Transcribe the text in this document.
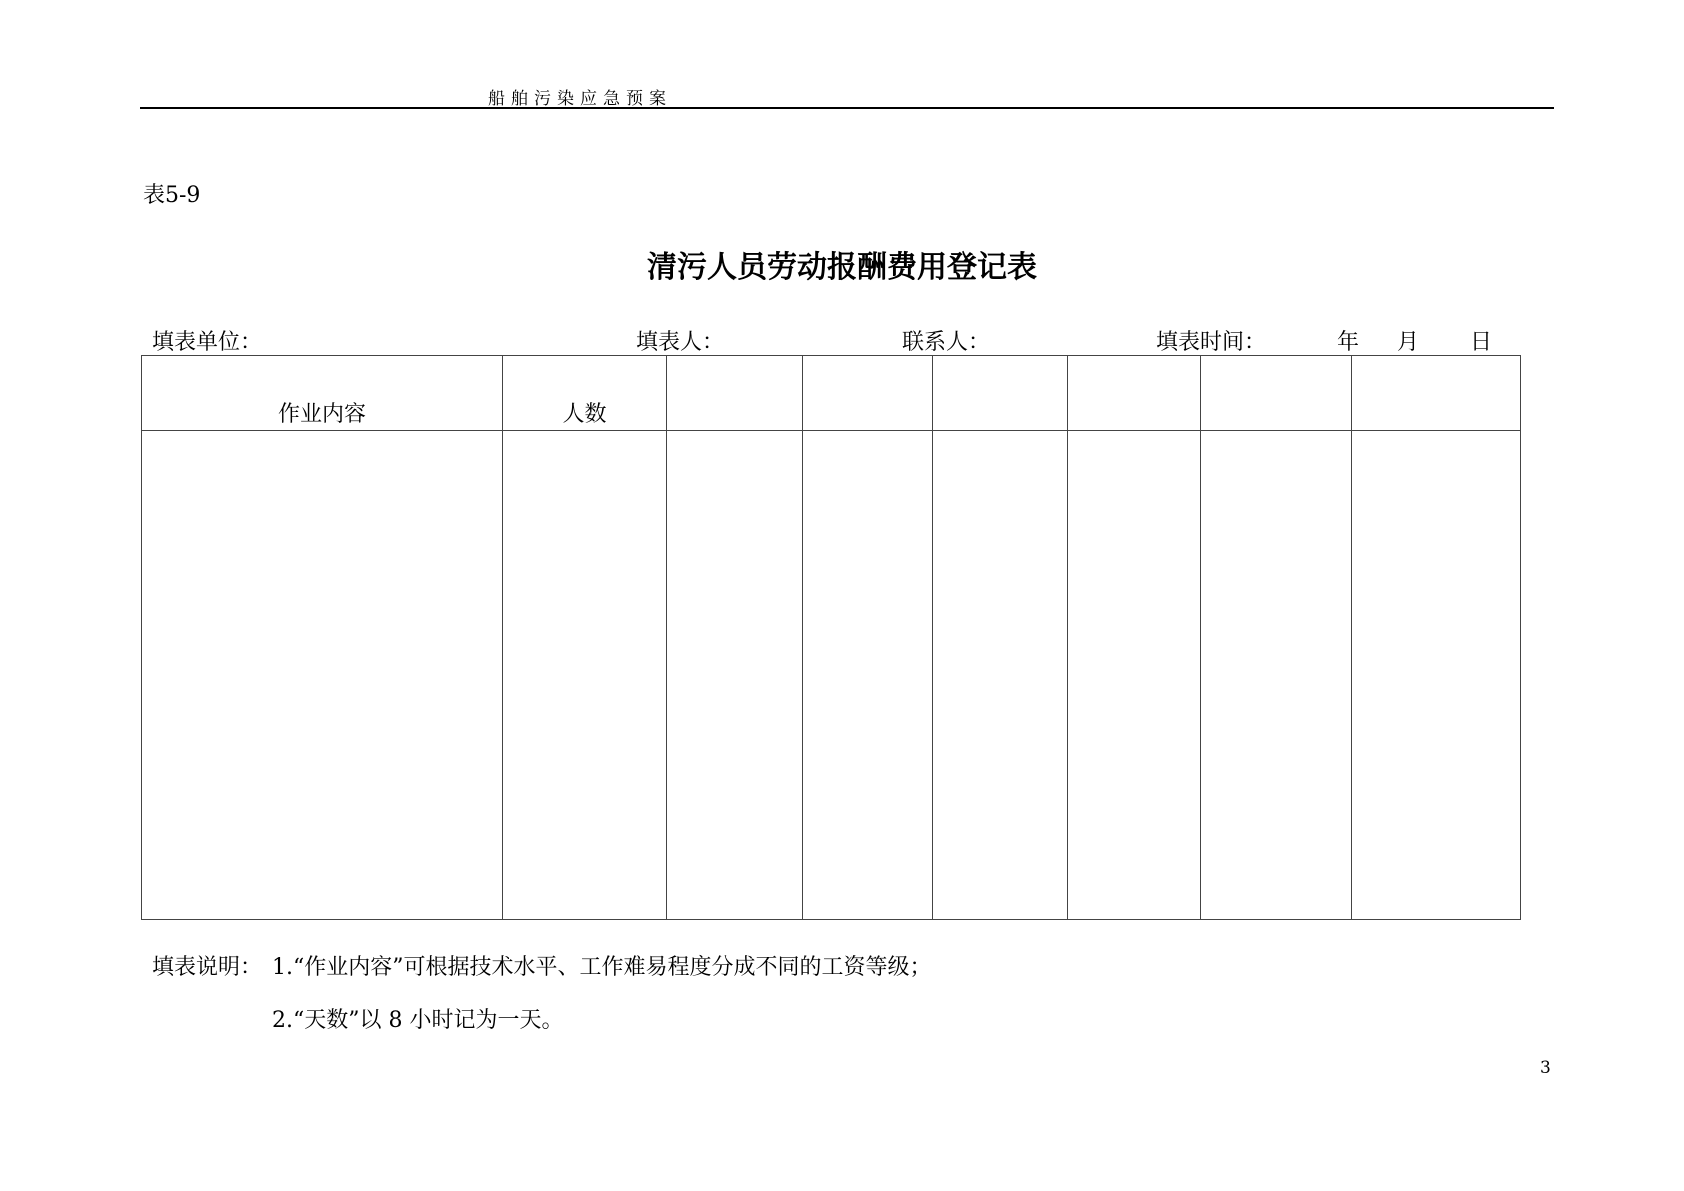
船舶污染应急预案
表5-9
清污人员劳动报酬费用登记表
填表单位：	填表人：	联系人：	填表时间：	年 月 日
作业内容	人数						

填表说明： 1.“作业内容”可根据技术水平、工作难易程度分成不同的工资等级；
2.“天数”以 8 小时记为一天。
3
